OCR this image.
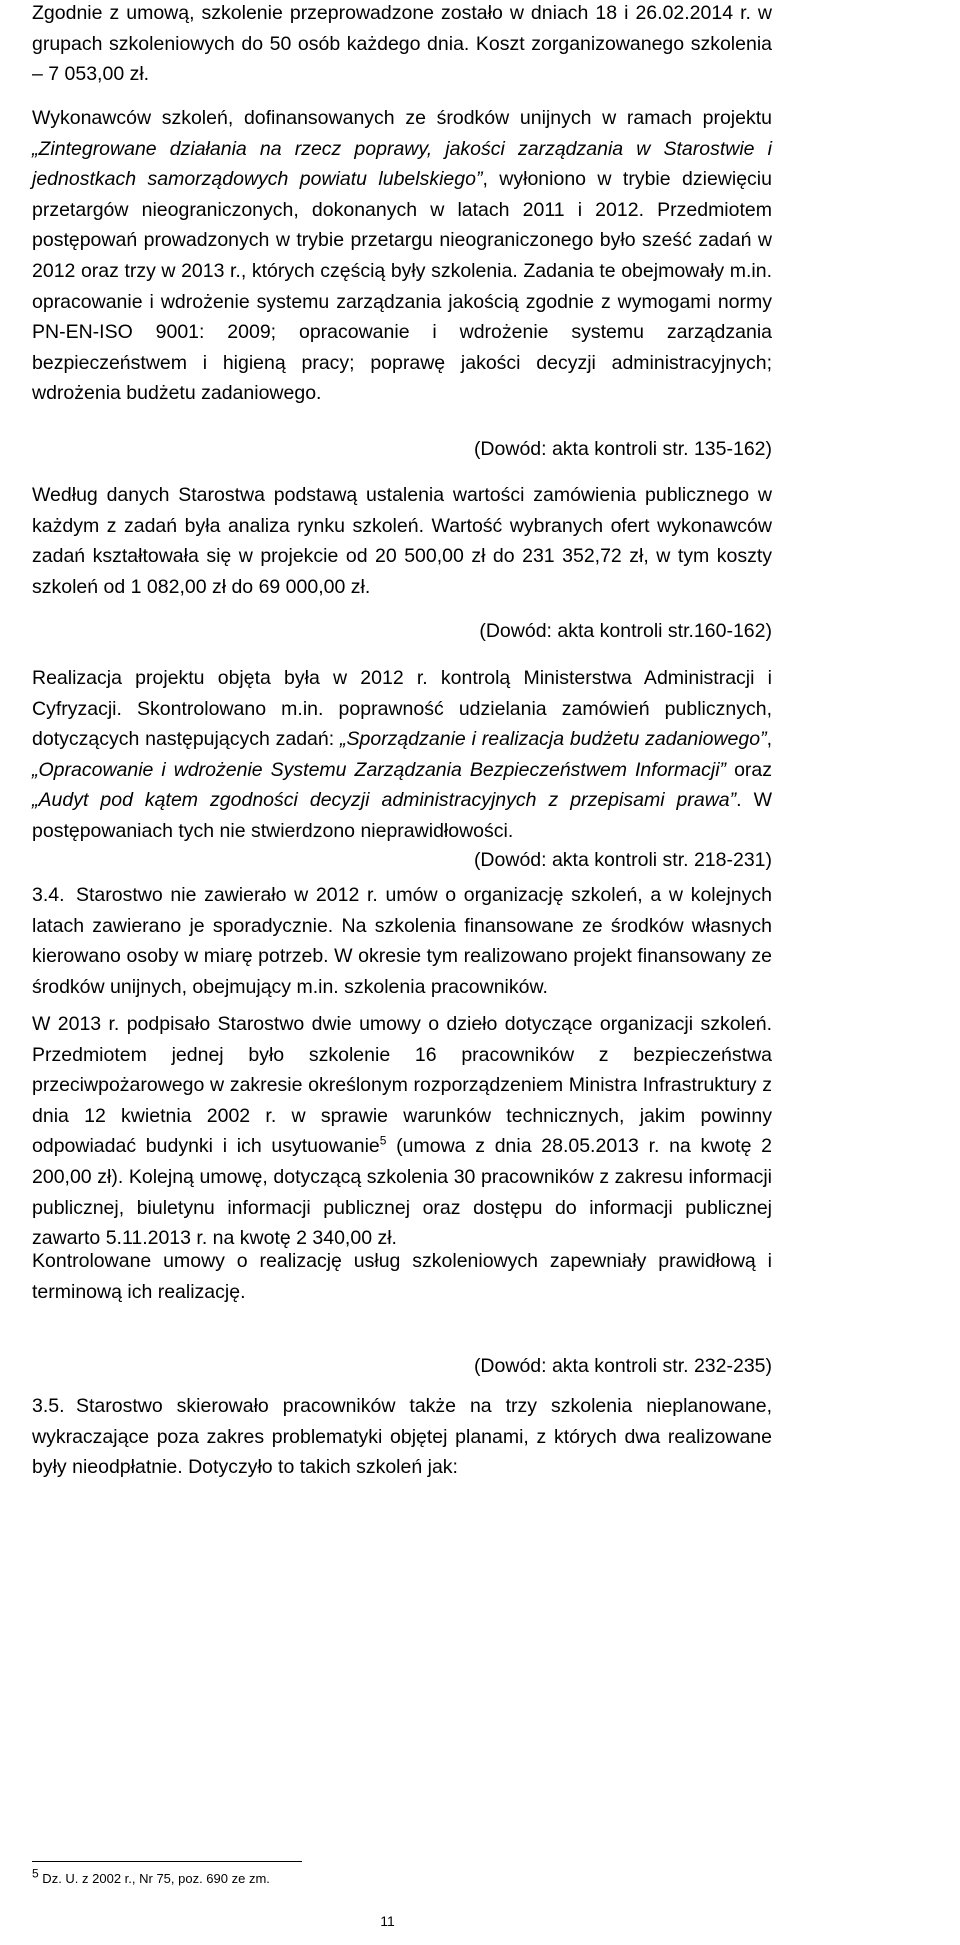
Zgodnie z umową, szkolenie przeprowadzone zostało w dniach 18 i 26.02.2014 r. w grupach szkoleniowych do 50 osób każdego dnia. Koszt zorganizowanego szkolenia – 7 053,00 zł.

Wykonawców szkoleń, dofinansowanych ze środków unijnych w ramach projektu „Zintegrowane działania na rzecz poprawy, jakości zarządzania w Starostwie i jednostkach samorządowych powiatu lubelskiego”, wyłoniono w trybie dziewięciu przetargów nieograniczonych, dokonanych w latach 2011 i 2012. Przedmiotem postępowań prowadzonych w trybie przetargu nieograniczonego było sześć zadań w 2012 oraz trzy w 2013 r., których częścią były szkolenia. Zadania te obejmowały m.in. opracowanie i wdrożenie systemu zarządzania jakością zgodnie z wymogami normy PN-EN-ISO 9001: 2009; opracowanie i wdrożenie systemu zarządzania bezpieczeństwem i higieną pracy; poprawę jakości decyzji administracyjnych; wdrożenia budżetu zadaniowego.

(Dowód: akta kontroli str. 135-162)

Według danych Starostwa podstawą ustalenia wartości zamówienia publicznego w każdym z zadań była analiza rynku szkoleń. Wartość wybranych ofert wykonawców zadań kształtowała się w projekcie od 20 500,00 zł do 231 352,72 zł, w tym koszty szkoleń od 1 082,00 zł do 69 000,00 zł.

(Dowód: akta kontroli str.160-162)

Realizacja projektu objęta była w 2012 r. kontrolą Ministerstwa Administracji i Cyfryzacji. Skontrolowano m.in. poprawność udzielania zamówień publicznych, dotyczących następujących zadań: „Sporządzanie i realizacja budżetu zadaniowego”, „Opracowanie i wdrożenie Systemu Zarządzania Bezpieczeństwem Informacji” oraz „Audyt pod kątem zgodności decyzji administracyjnych z przepisami prawa”. W postępowaniach tych nie stwierdzono nieprawidłowości.

(Dowód: akta kontroli str. 218-231)

3.4. Starostwo nie zawierało w 2012 r. umów o organizację szkoleń, a w kolejnych latach zawierano je sporadycznie. Na szkolenia finansowane ze środków własnych kierowano osoby w miarę potrzeb. W okresie tym realizowano projekt finansowany ze środków unijnych, obejmujący m.in. szkolenia pracowników.

W 2013 r. podpisało Starostwo dwie umowy o dzieło dotyczące organizacji szkoleń. Przedmiotem jednej było szkolenie 16 pracowników z bezpieczeństwa przeciwpożarowego w zakresie określonym rozporządzeniem Ministra Infrastruktury z dnia 12 kwietnia 2002 r. w sprawie warunków technicznych, jakim powinny odpowiadać budynki i ich usytuowanie$^5$ (umowa z dnia 28.05.2013 r. na kwotę 2 200,00 zł). Kolejną umowę, dotyczącą szkolenia 30 pracowników z zakresu informacji publicznej, biuletynu informacji publicznej oraz dostępu do informacji publicznej zawarto 5.11.2013 r. na kwotę 2 340,00 zł.

Kontrolowane umowy o realizację usług szkoleniowych zapewniały prawidłową i terminową ich realizację.

(Dowód: akta kontroli str. 232-235)

3.5. Starostwo skierowało pracowników także na trzy szkolenia nieplanowane, wykraczające poza zakres problematyki objętej planami, z których dwa realizowane były nieodpłatnie. Dotyczyło to takich szkoleń jak:

$^5$ Dz. U. z 2002 r., Nr 75, poz. 690 ze zm.
11
